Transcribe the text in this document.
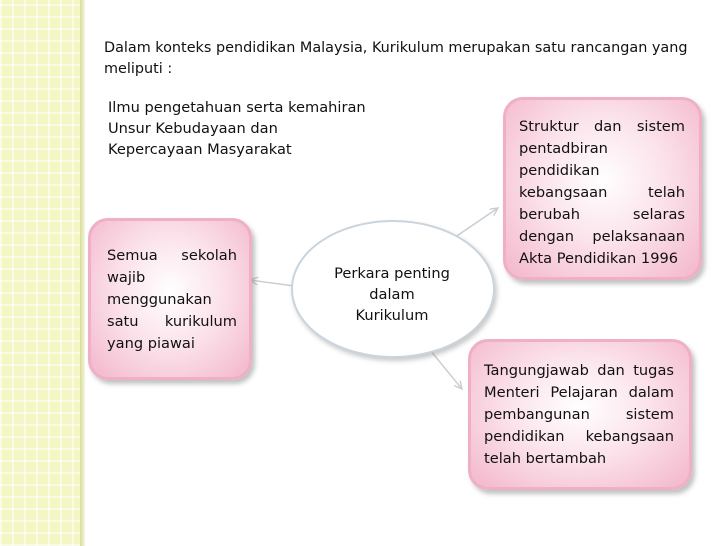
Dalam konteks pendidikan Malaysia, Kurikulum merupakan satu rancangan yang
meliputi :
Ilmu pengetahuan serta kemahiran
Unsur Kebudayaan dan
Kepercayaan Masyarakat
Semua sekolah wajib menggunakan satu kurikulum yang piawai
Struktur dan sistem pentadbiran pendidikan kebangsaan telah berubah selaras dengan pelaksanaan Akta Pendidikan 1996
Tangungjawab dan tugas Menteri Pelajaran dalam pembangunan sistem pendidikan kebangsaan telah bertambah
Perkara penting
dalam
Kurikulum
